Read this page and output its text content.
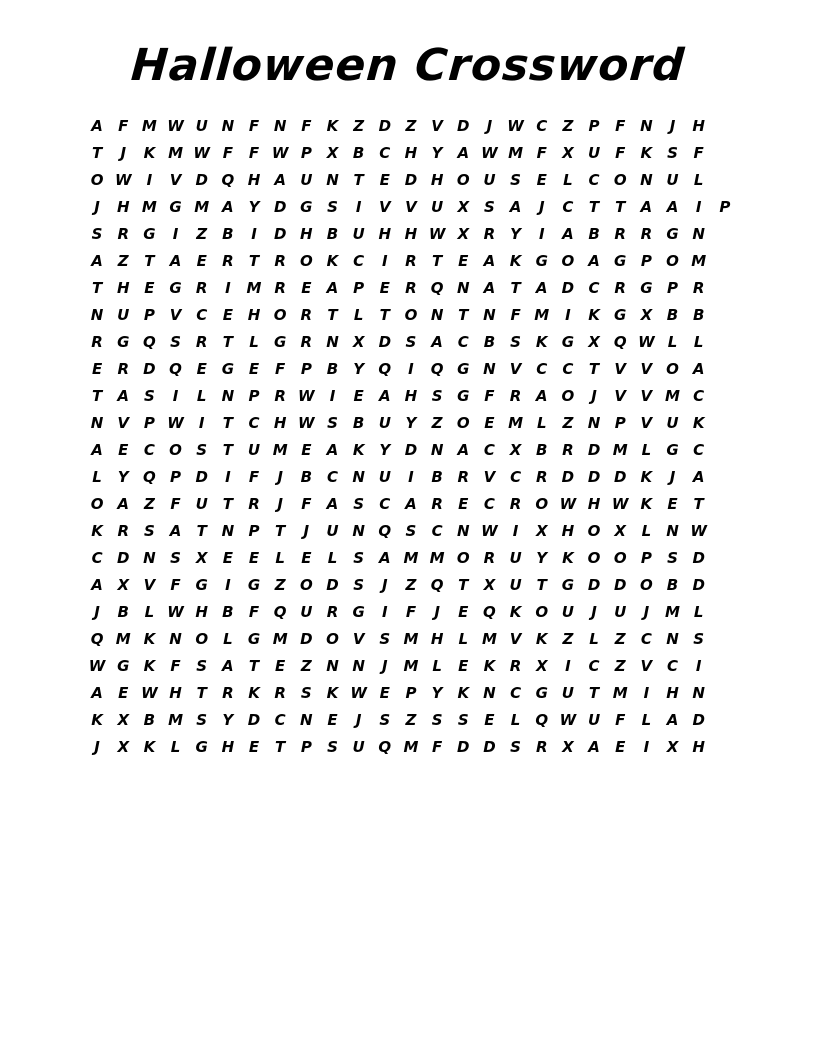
Halloween Crossword
A	F M W U N F N F	K Z D Z V D	J	W C	Z	P	F N	J	H
T	J	K M W F	F W P X B C H Y A W M F	X U F	K S	F
O W	I	V D Q H A U N T	E D H O U S	E	L	C O N U	L
J	H M G M A Y D G S	I	V V U X S A	J	C	T	T	A A	I	P
S R G	I	Z	B	I	D H B U H H W X R Y	I	A B R R G N
A Z	T	A	E	R	T	R O K C	I	R	T	E	A K G O A G P O M
T H E G R	I	M R	E	A P	E	R Q N A	T	A D C R G P R
N U P V C	E H O R	T	L	T O N T N F M	I	K G X B B
R G Q S R	T	L	G R N X D S A C B	S K G X Q W L	L
E	R D Q E G E	F	P B	Y Q	I	Q G N V C	C	T	V V O A
T	A S	I	L	N P R W	I	E	A H S G F	R A O	J	V V M C
N V P W	I	T	C H W S	B U Y	Z O E M L	Z N P V U K
A	E	C O S	T U M E	A K Y D N A C X B R D M L	G C
L	Y Q P D	I	F	J	B C N U	I	B R V C R D D D K	J	A
O A Z	F U T	R	J	F	A S	C A R	E	C R O W H W K	E	T
K R S A	T N P	T	J	U N Q S	C N W	I	X H O X	L	N W
C D N S X	E	E	L	E	L	S A M M O R U Y K O O P	S D
A X V	F G	I	G Z O D S	J	Z Q T	X U T G D D O B D
J	B	L W H B	F Q U R G	I	F	J	E Q K O U	J	U	J	M L
Q M K N O	L	G M D O V S M H	L M V K Z	L	Z	C N S
W G K	F	S A	T	E	Z N N	J	M L	E	K R X	I	C	Z V C	I
A	E W H T	R K R S K W E	P	Y K N C G U T M	I	H N
K X B M S	Y D C N E	J	S	Z	S	S	E	L Q W U F	L	A D
J	X K	L	G H E	T	P	S U Q M F D D S R X A	E	I	X H
